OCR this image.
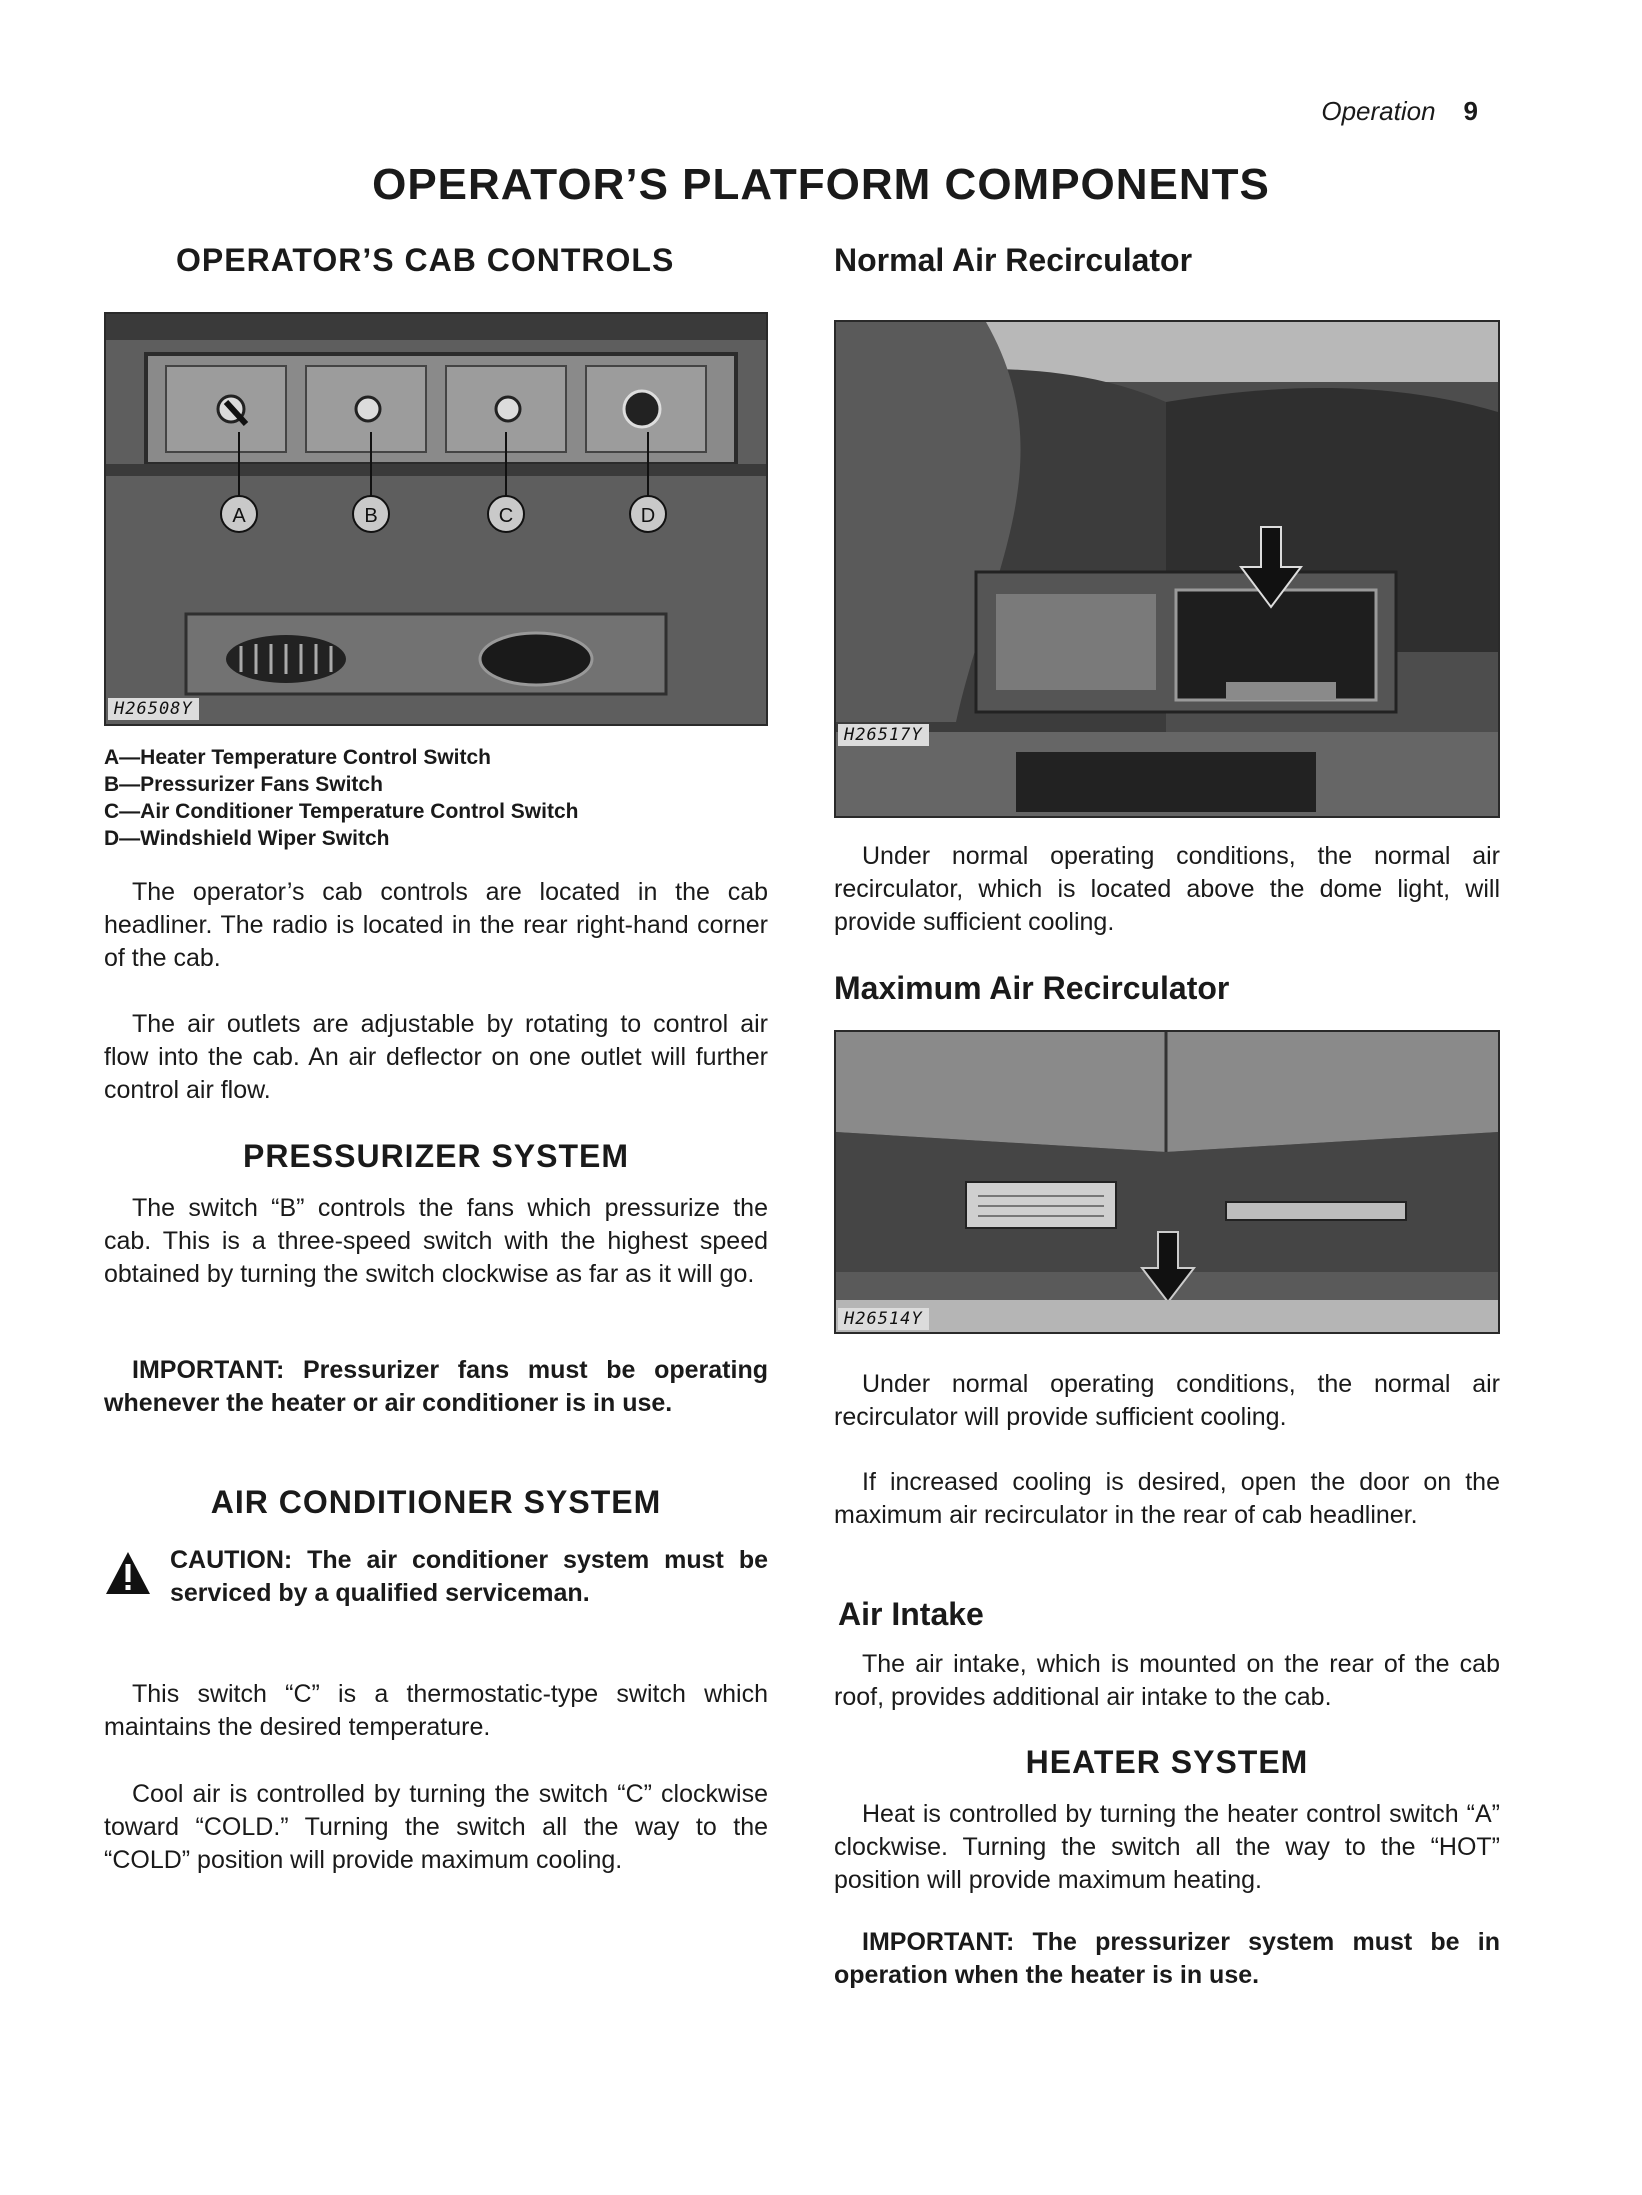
Operation 9
OPERATOR’S PLATFORM COMPONENTS
OPERATOR’S CAB CONTROLS
A	B	C	D
H26508Y
A—Heater Temperature Control Switch
B—Pressurizer Fans Switch
C—Air Conditioner Temperature Control Switch
D—Windshield Wiper Switch
The operator’s cab controls are located in the cab headliner. The radio is located in the rear right-hand corner of the cab.
The air outlets are adjustable by rotating to control air flow into the cab. An air deflector on one outlet will further control air flow.
PRESSURIZER SYSTEM
The switch “B” controls the fans which pressurize the cab. This is a three-speed switch with the highest speed obtained by turning the switch clockwise as far as it will go.
IMPORTANT: Pressurizer fans must be operating whenever the heater or air conditioner is in use.
AIR CONDITIONER SYSTEM
CAUTION: The air conditioner system must be serviced by a qualified serviceman.
This switch “C” is a thermostatic-type switch which maintains the desired temperature.
Cool air is controlled by turning the switch “C” clockwise toward “COLD.” Turning the switch all the way to the “COLD” position will provide maximum cooling.
Normal Air Recirculator
H26517Y
Under normal operating conditions, the normal air recirculator, which is located above the dome light, will provide sufficient cooling.
Maximum Air Recirculator
H26514Y
Under normal operating conditions, the normal air recirculator will provide sufficient cooling.
If increased cooling is desired, open the door on the maximum air recirculator in the rear of cab headliner.
Air Intake
The air intake, which is mounted on the rear of the cab roof, provides additional air intake to the cab.
HEATER SYSTEM
Heat is controlled by turning the heater control switch “A” clockwise. Turning the switch all the way to the “HOT” position will provide maximum heating.
IMPORTANT: The pressurizer system must be in operation when the heater is in use.
